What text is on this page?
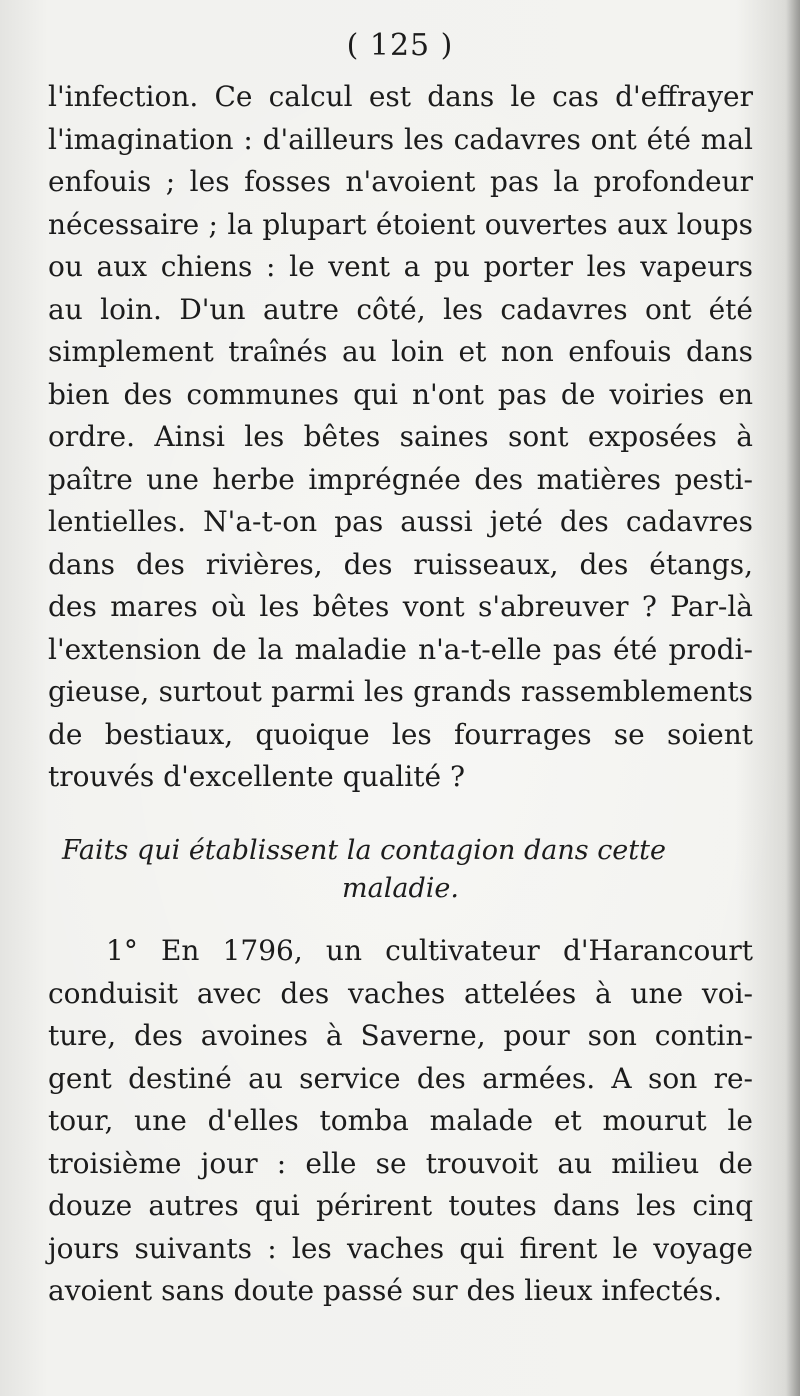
( 125 )
l'infection. Ce calcul est dans le cas d'effrayer
l'imagination : d'ailleurs les cadavres ont été mal
enfouis ; les fosses n'avoient pas la profondeur
nécessaire ; la plupart étoient ouvertes aux loups
ou aux chiens : le vent a pu porter les vapeurs
au loin. D'un autre côté, les cadavres ont été
simplement traînés au loin et non enfouis dans
bien des communes qui n'ont pas de voiries en
ordre. Ainsi les bêtes saines sont exposées à
paître une herbe imprégnée des matières pesti-
lentielles. N'a-t-on pas aussi jeté des cadavres
dans des rivières, des ruisseaux, des étangs,
des mares où les bêtes vont s'abreuver ? Par-là
l'extension de la maladie n'a-t-elle pas été prodi-
gieuse, surtout parmi les grands rassemblements
de bestiaux, quoique les fourrages se soient
trouvés d'excellente qualité ?
Faits qui établissent la contagion dans cette
maladie.
1° En 1796, un cultivateur d'Harancourt
conduisit avec des vaches attelées à une voi-
ture, des avoines à Saverne, pour son contin-
gent destiné au service des armées. A son re-
tour, une d'elles tomba malade et mourut le
troisième jour : elle se trouvoit au milieu de
douze autres qui périrent toutes dans les cinq
jours suivants : les vaches qui firent le voyage
avoient sans doute passé sur des lieux infectés.
